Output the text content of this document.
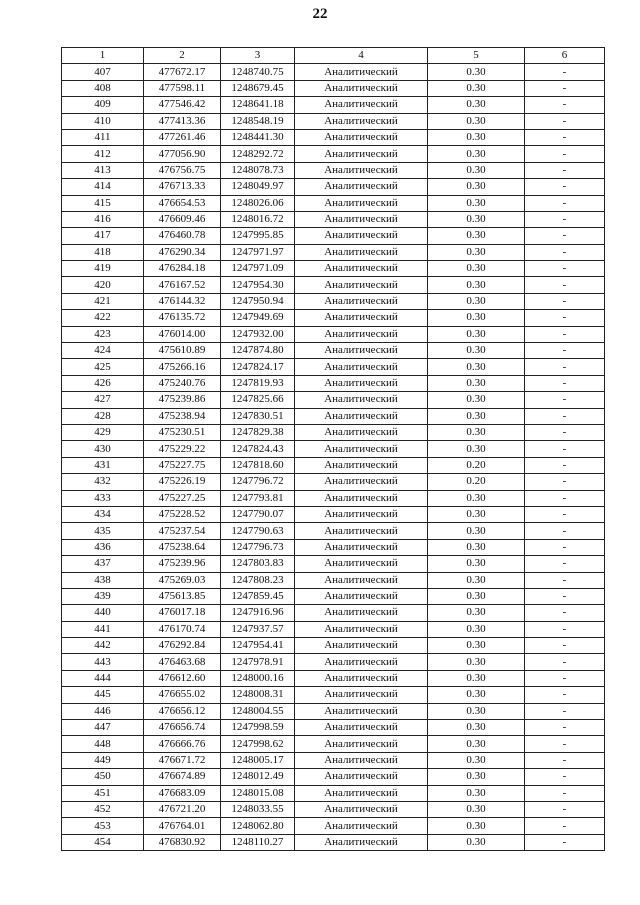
22
1	2	3	4	5	6
407	477672.17	1248740.75	Аналитический	0.30	-
408	477598.11	1248679.45	Аналитический	0.30	-
409	477546.42	1248641.18	Аналитический	0.30	-
410	477413.36	1248548.19	Аналитический	0.30	-
411	477261.46	1248441.30	Аналитический	0.30	-
412	477056.90	1248292.72	Аналитический	0.30	-
413	476756.75	1248078.73	Аналитический	0.30	-
414	476713.33	1248049.97	Аналитический	0.30	-
415	476654.53	1248026.06	Аналитический	0.30	-
416	476609.46	1248016.72	Аналитический	0.30	-
417	476460.78	1247995.85	Аналитический	0.30	-
418	476290.34	1247971.97	Аналитический	0.30	-
419	476284.18	1247971.09	Аналитический	0.30	-
420	476167.52	1247954.30	Аналитический	0.30	-
421	476144.32	1247950.94	Аналитический	0.30	-
422	476135.72	1247949.69	Аналитический	0.30	-
423	476014.00	1247932.00	Аналитический	0.30	-
424	475610.89	1247874.80	Аналитический	0.30	-
425	475266.16	1247824.17	Аналитический	0.30	-
426	475240.76	1247819.93	Аналитический	0.30	-
427	475239.86	1247825.66	Аналитический	0.30	-
428	475238.94	1247830.51	Аналитический	0.30	-
429	475230.51	1247829.38	Аналитический	0.30	-
430	475229.22	1247824.43	Аналитический	0.30	-
431	475227.75	1247818.60	Аналитический	0.20	-
432	475226.19	1247796.72	Аналитический	0.20	-
433	475227.25	1247793.81	Аналитический	0.30	-
434	475228.52	1247790.07	Аналитический	0.30	-
435	475237.54	1247790.63	Аналитический	0.30	-
436	475238.64	1247796.73	Аналитический	0.30	-
437	475239.96	1247803.83	Аналитический	0.30	-
438	475269.03	1247808.23	Аналитический	0.30	-
439	475613.85	1247859.45	Аналитический	0.30	-
440	476017.18	1247916.96	Аналитический	0.30	-
441	476170.74	1247937.57	Аналитический	0.30	-
442	476292.84	1247954.41	Аналитический	0.30	-
443	476463.68	1247978.91	Аналитический	0.30	-
444	476612.60	1248000.16	Аналитический	0.30	-
445	476655.02	1248008.31	Аналитический	0.30	-
446	476656.12	1248004.55	Аналитический	0.30	-
447	476656.74	1247998.59	Аналитический	0.30	-
448	476666.76	1247998.62	Аналитический	0.30	-
449	476671.72	1248005.17	Аналитический	0.30	-
450	476674.89	1248012.49	Аналитический	0.30	-
451	476683.09	1248015.08	Аналитический	0.30	-
452	476721.20	1248033.55	Аналитический	0.30	-
453	476764.01	1248062.80	Аналитический	0.30	-
454	476830.92	1248110.27	Аналитический	0.30	-
